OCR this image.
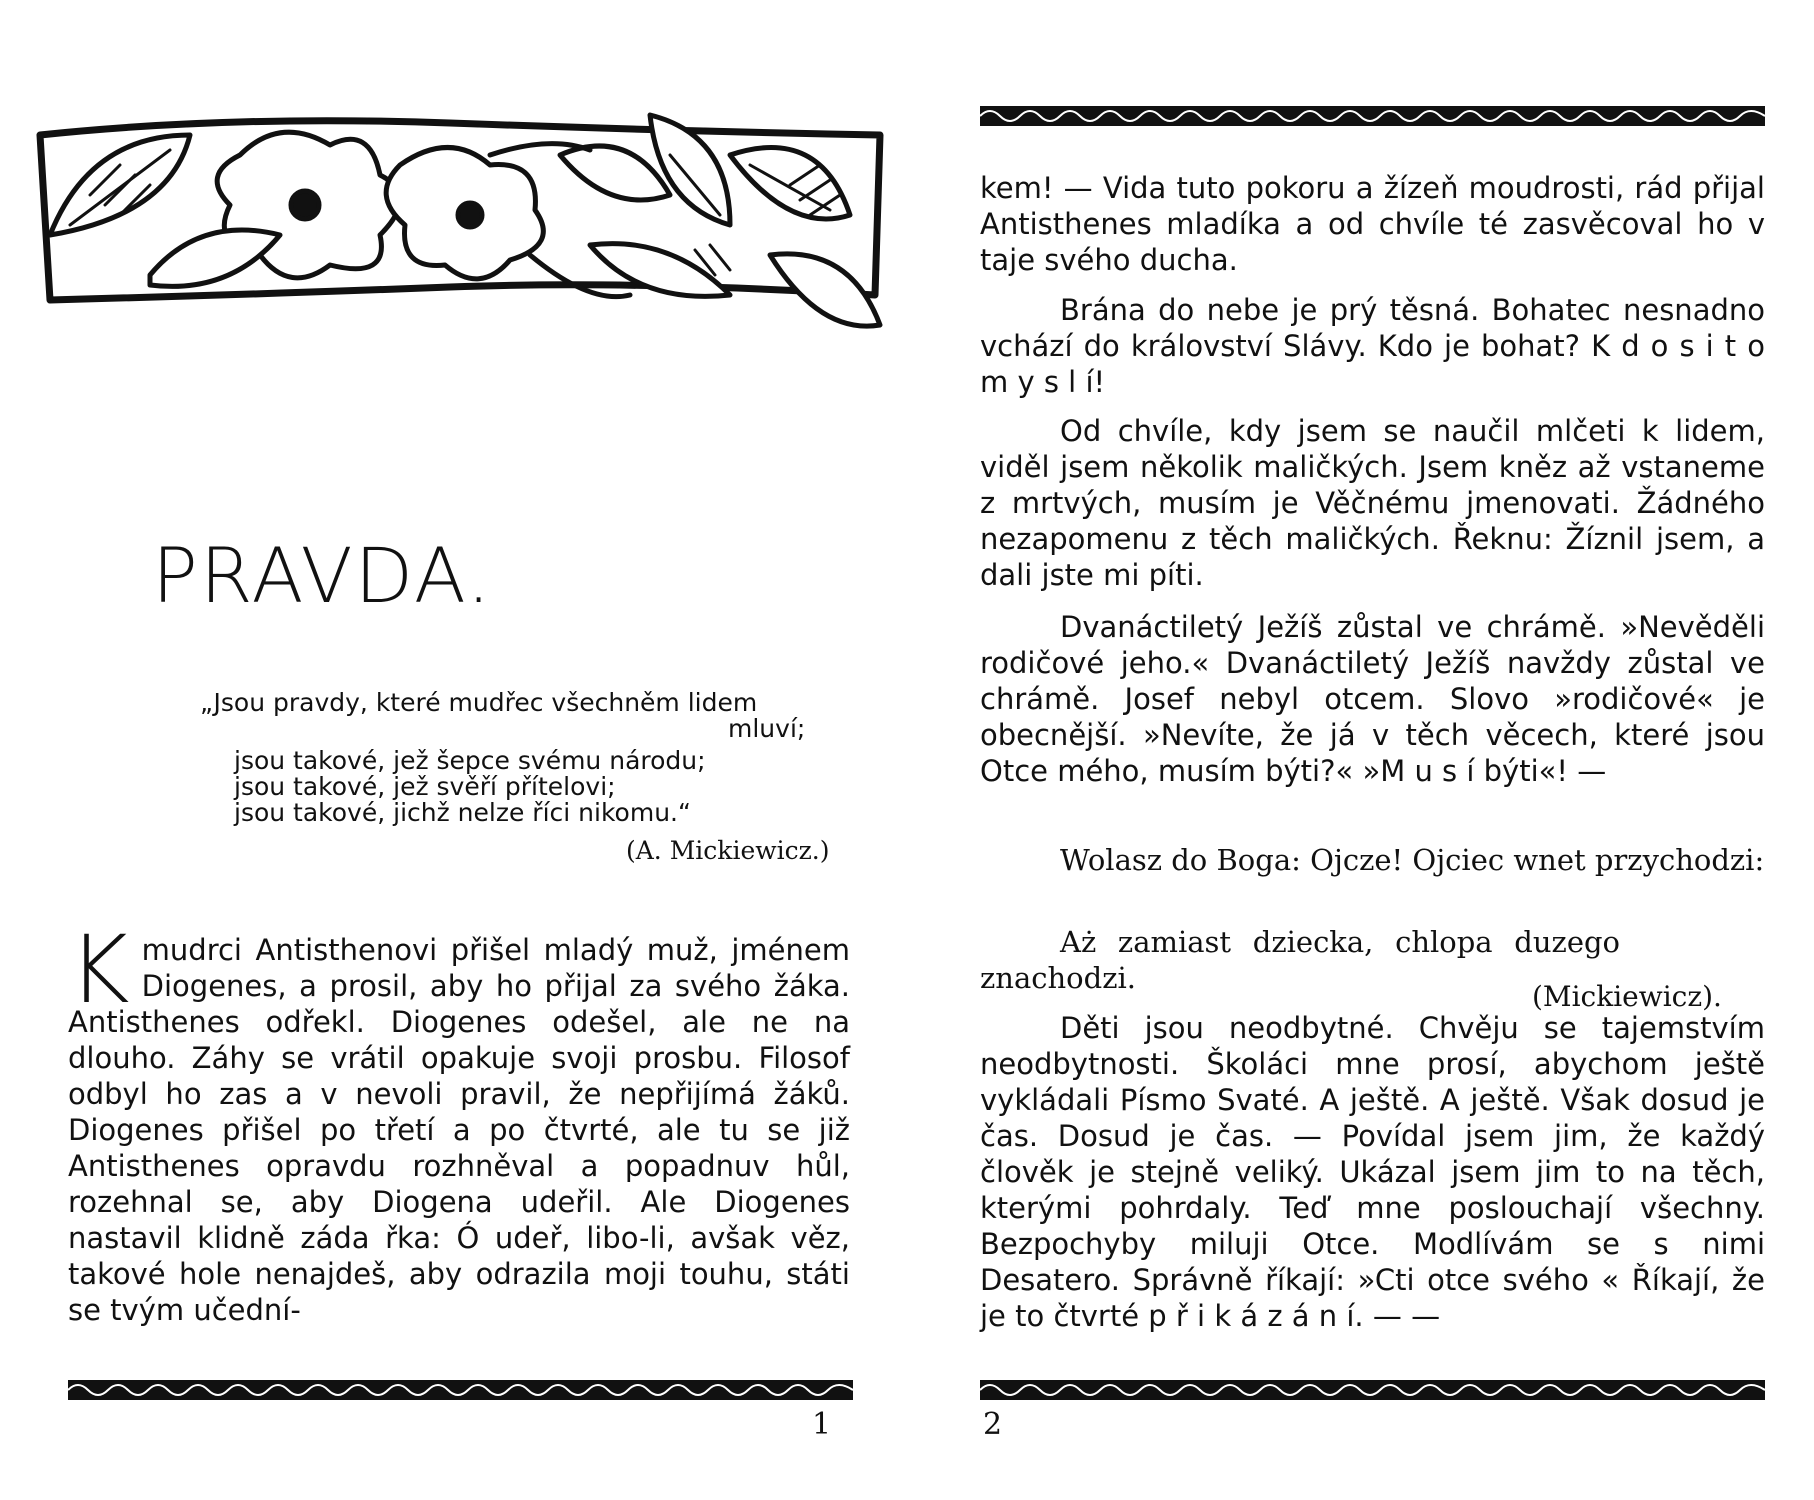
PRAVDA.
„Jsou pravdy, které mudřec všechněm lidem
mluví;
jsou takové, jež šepce svému národu;
jsou takové, jež svěří přítelovi;
jsou takové, jichž nelze říci nikomu.“
(A. Mickiewicz.)
K mudrci Antisthenovi přišel mladý muž, jménem Diogenes, a prosil, aby ho přijal za svého žáka. Antisthenes odřekl. Diogenes odešel, ale ne na dlouho. Záhy se vrátil opakuje svoji prosbu. Filosof odbyl ho zas a v nevoli pravil, že nepřijímá žáků. Diogenes přišel po třetí a po čtvrté, ale tu se již Antisthenes opravdu rozhněval a popadnuv hůl, rozehnal se, aby Diogena udeřil. Ale Diogenes nastavil klidně záda řka: Ó udeř, libo-li, avšak věz, takové hole nenajdeš, aby odrazila moji touhu, státi se tvým učední-
1

kem! — Vida tuto pokoru a žízeň moudrosti, rád přijal Antisthenes mladíka a od chvíle té zasvěcoval ho v taje svého ducha.

Brána do nebe je prý těsná. Bohatec nesnadno vchází do království Slávy. Kdo je bohat? K d o s i t o m y s l í!

Od chvíle, kdy jsem se naučil mlčeti k lidem, viděl jsem několik maličkých. Jsem kněz až vstaneme z mrtvých, musím je Věčnému jmenovati. Žádného nezapomenu z těch maličkých. Řeknu: Žíznil jsem, a dali jste mi píti.

Dvanáctiletý Ježíš zůstal ve chrámě. »Nevěděli rodičové jeho.« Dvanáctiletý Ježíš navždy zůstal ve chrámě. Josef nebyl otcem. Slovo »rodičové« je obecnější. »Nevíte, že já v těch věcech, které jsou Otce mého, musím býti?« »M u s í býti«! —

Wolasz do Boga: Ojcze! Ojciec wnet przychodzi:

Aż zamiast dziecka, chlopa duzego znachodzi.

(Mickiewicz).

Děti jsou neodbytné. Chvěju se tajemstvím neodbytnosti. Školáci mne prosí, abychom ještě vykládali Písmo Svaté. A ještě. A ještě. Však dosud je čas. Dosud je čas. — Povídal jsem jim, že každý člověk je stejně veliký. Ukázal jsem jim to na těch, kterými pohrdaly. Teď mne poslouchají všechny. Bezpochyby miluji Otce. Modlívám se s nimi Desatero. Správně říkají: »Cti otce svého « Říkají, že je to čtvrté p ř i k á z á n í. — —

2
